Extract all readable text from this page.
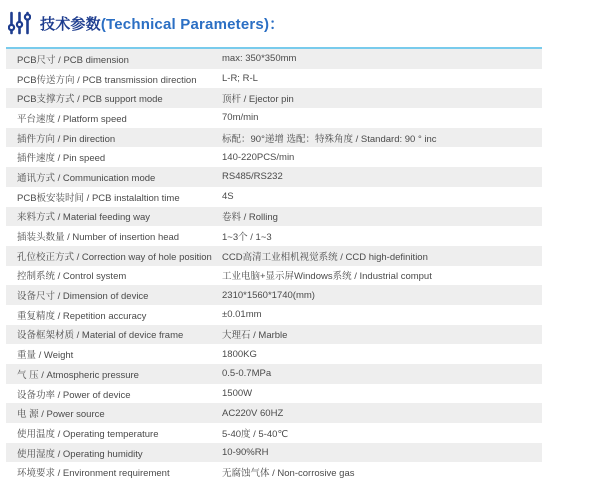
技术参数(Technical Parameters)：
PCB尺寸 / PCB dimension	max: 350*350mm
PCB传送方向 / PCB transmission direction	L-R; R-L
PCB支撑方式 / PCB support mode	顶杆 / Ejector pin
平台速度 / Platform speed	70m/min
插件方向 / Pin direction	标配：90°递增 选配：特殊角度 / Standard: 90 ° inc
插件速度 / Pin speed	140-220PCS/min
通讯方式 / Communication mode	RS485/RS232
PCB板安装时间 / PCB instalaltion time	4S
来料方式 / Material feeding way	卷料 / Rolling
插装头数量 / Number of insertion head	1~3个 / 1~3
孔位校正方式 / Correction way of hole position	CCD高清工业相机视觉系统 / CCD high-definition
控制系统 / Control system	工业电脑+显示屏Windows系统 / Industrial comput
设备尺寸 / Dimension of device	2310*1560*1740(mm)
重复精度 / Repetition accuracy	±0.01mm
设备框架材质 / Material of device frame	大理石 / Marble
重量 / Weight	1800KG
气 压 / Atmospheric pressure	0.5-0.7MPa
设备功率 / Power of device	1500W
电 源 / Power source	AC220V 60HZ
使用温度 / Operating temperature	5-40度 / 5-40℃
使用湿度 / Operating humidity	10-90%RH
环境要求 / Environment requirement	无腐蚀气体 / Non-corrosive gas
